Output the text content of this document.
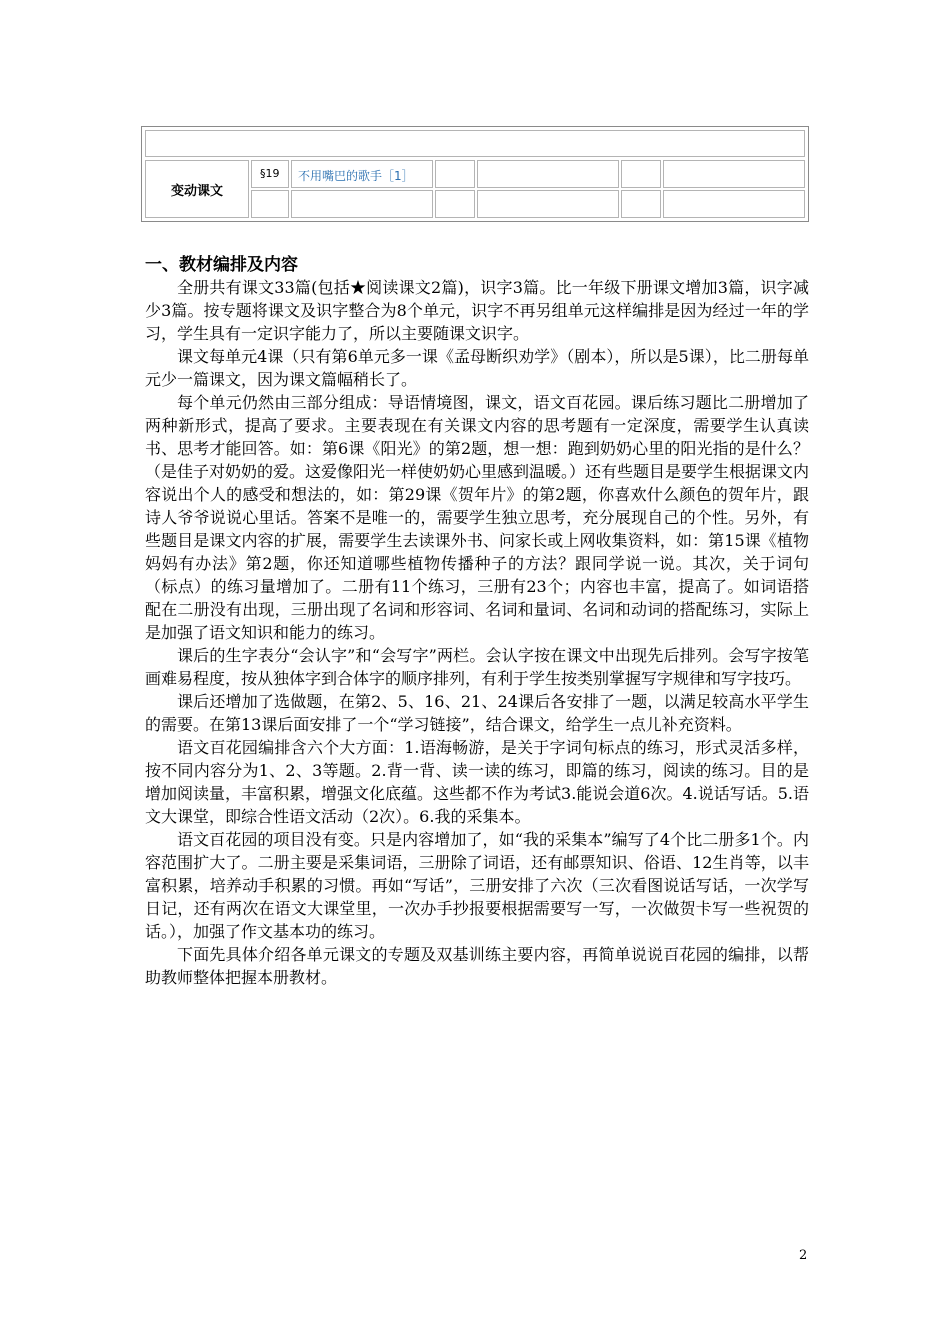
变动课文
§19	不用嘴巴的歌手［1］
一、教材编排及内容

全册共有课文33篇(包括★阅读课文2篇)，识字3篇。比一年级下册课文增加3篇，识字减少3篇。按专题将课文及识字整合为8个单元，识字不再另组单元这样编排是因为经过一年的学习，学生具有一定识字能力了，所以主要随课文识字。

课文每单元4课（只有第6单元多一课《孟母断织劝学》（剧本），所以是5课），比二册每单元少一篇课文，因为课文篇幅稍长了。

每个单元仍然由三部分组成：导语情境图，课文，语文百花园。课后练习题比二册增加了两种新形式，提高了要求。主要表现在有关课文内容的思考题有一定深度，需要学生认真读书、思考才能回答。如：第6课《阳光》的第2题，想一想：跑到奶奶心里的阳光指的是什么？（是佳子对奶奶的爱。这爱像阳光一样使奶奶心里感到温暖。）还有些题目是要学生根据课文内容说出个人的感受和想法的，如：第29课《贺年片》的第2题，你喜欢什么颜色的贺年片，跟诗人爷爷说说心里话。答案不是唯一的，需要学生独立思考，充分展现自己的个性。另外，有些题目是课文内容的扩展，需要学生去读课外书、问家长或上网收集资料，如：第15课《植物妈妈有办法》第2题，你还知道哪些植物传播种子的方法？跟同学说一说。其次，关于词句（标点）的练习量增加了。二册有11个练习，三册有23个；内容也丰富，提高了。如词语搭配在二册没有出现，三册出现了名词和形容词、名词和量词、名词和动词的搭配练习，实际上是加强了语文知识和能力的练习。

课后的生字表分“会认字”和“会写字”两栏。会认字按在课文中出现先后排列。会写字按笔画难易程度，按从独体字到合体字的顺序排列，有利于学生按类别掌握写字规律和写字技巧。

课后还增加了选做题，在第2、5、16、21、24课后各安排了一题，以满足较高水平学生的需要。在第13课后面安排了一个“学习链接”，结合课文，给学生一点儿补充资料。

语文百花园编排含六个大方面：1.语海畅游，是关于字词句标点的练习，形式灵活多样，按不同内容分为1、2、3等题。2.背一背、读一读的练习，即篇的练习，阅读的练习。目的是增加阅读量，丰富积累，增强文化底蕴。这些都不作为考试3.能说会道6次。4.说话写话。5.语文大课堂，即综合性语文活动（2次）。6.我的采集本。

语文百花园的项目没有变。只是内容增加了，如“我的采集本”编写了4个比二册多1个。内容范围扩大了。二册主要是采集词语，三册除了词语，还有邮票知识、俗语、12生肖等，以丰富积累，培养动手积累的习惯。再如“写话”，三册安排了六次（三次看图说话写话，一次学写日记，还有两次在语文大课堂里，一次办手抄报要根据需要写一写，一次做贺卡写一些祝贺的话。），加强了作文基本功的练习。

下面先具体介绍各单元课文的专题及双基训练主要内容，再简单说说百花园的编排，以帮助教师整体把握本册教材。

2
